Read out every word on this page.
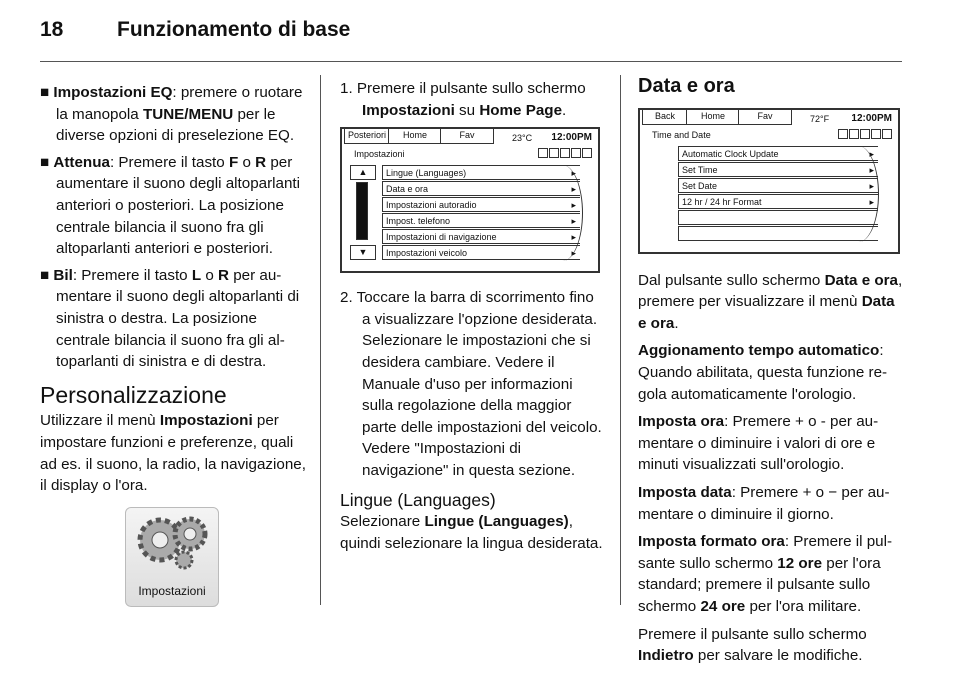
18	Funzionamento di base

■ Impostazioni EQ: premere o ruotare la manopola TUNE/MENU per le diverse opzioni di preselezione EQ.

■ Attenua: Premere il tasto F o R per aumentare il suono degli altoparlanti anteriori o posteriori. La posizione centrale bilancia il suono fra gli altoparlanti anteriori e posteriori.

■ Bil: Premere il tasto L o R per aumentare il suono degli altoparlanti di sinistra o destra. La posizione centrale bilancia il suono fra gli altoparlanti di sinistra e di destra.

Personalizzazione

Utilizzare il menù Impostazioni per impostare funzioni e preferenze, quali ad es. il suono, la radio, la navigazione, il display o l'ora.

Impostazioni

1. Premere il pulsante sullo schermo Impostazioni su Home Page.

Posteriori	Home	Fav	23°C 12:00PM
Impostazioni
Lingue (Languages)	▸
Data e ora	▸
Impostazioni autoradio	▸
Impost. telefono	▸
Impostazioni di navigazione	▸
Impostazioni veicolo	▸
▲
▼

2. Toccare la barra di scorrimento fino a visualizzare l'opzione desiderata. Selezionare le impostazioni che si desidera cambiare. Vedere il Manuale d'uso per informazioni sulla regolazione della maggior parte delle impostazioni del veicolo. Vedere "Impostazioni di navigazione" in questa sezione.

Lingue (Languages)

Selezionare Lingue (Languages), quindi selezionare la lingua desiderata.

Data e ora
Back	Home	Fav	72°F 12:00PM
Time and Date
Automatic Clock Update	▸
Set Time	▸
Set Date	▸
12 hr / 24 hr Format	▸

Dal pulsante sullo schermo Data e ora, premere per visualizzare il menù Data e ora.

Aggionamento tempo automatico: Quando abilitata, questa funzione regola automaticamente l'orologio.

Imposta ora: Premere + o - per aumentare o diminuire i valori di ore e minuti visualizzati sull'orologio.

Imposta data: Premere + o − per aumentare o diminuire il giorno.

Imposta formato ora: Premere il pulsante sullo schermo 12 ore per l'ora standard; premere il pulsante sullo schermo 24 ore per l'ora militare.

Premere il pulsante sullo schermo Indietro per salvare le modifiche.
